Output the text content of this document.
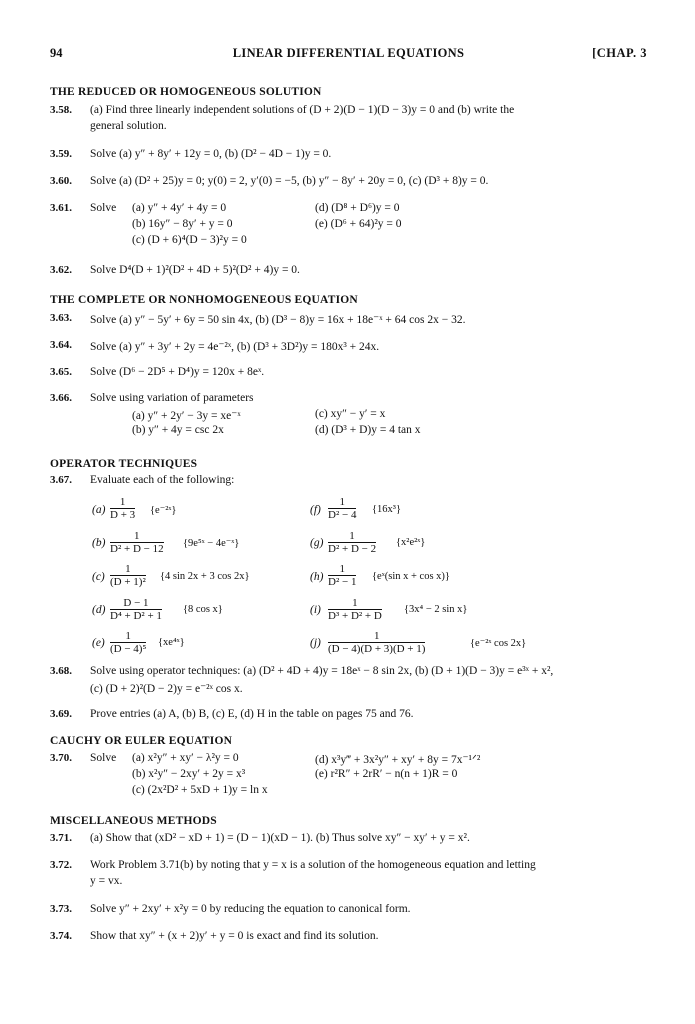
94	LINEAR DIFFERENTIAL EQUATIONS	[CHAP. 3
THE REDUCED OR HOMOGENEOUS SOLUTION
3.58. (a) Find three linearly independent solutions of (D + 2)(D − 1)(D − 3)y = 0 and (b) write the
general solution.
3.59. Solve (a) y″ + 8y′ + 12y = 0, (b) (D² − 4D − 1)y = 0.
3.60. Solve (a) (D² + 25)y = 0; y(0) = 2, y′(0) = −5, (b) y″ − 8y′ + 20y = 0, (c) (D³ + 8)y = 0.
3.61. Solve (a) y″ + 4y′ + 4y = 0
(b) 16y″ − 8y′ + y = 0
(c) (D + 6)⁴(D − 3)²y = 0
(d) (D⁸ + D⁶)y = 0
(e) (D⁶ + 64)²y = 0
3.62. Solve D⁴(D + 1)²(D² + 4D + 5)²(D² + 4)y = 0.
THE COMPLETE OR NONHOMOGENEOUS EQUATION
3.63. Solve (a) y″ − 5y′ + 6y = 50 sin 4x, (b) (D³ − 8)y = 16x + 18e⁻ˣ + 64 cos 2x − 32.
3.64. Solve (a) y″ + 3y′ + 2y = 4e⁻²ˣ, (b) (D³ + 3D²)y = 180x³ + 24x.
3.65. Solve (D⁶ − 2D⁵ + D⁴)y = 120x + 8eˣ.
3.66. Solve using variation of parameters
(a) y″ + 2y′ − 3y = xe⁻ˣ
(b) y″ + 4y = csc 2x
(c) xy″ − y′ = x
(d) (D³ + D)y = 4 tan x
OPERATOR TECHNIQUES
3.67. Evaluate each of the following:
$(a) \frac{1}{D + 3}$ {e⁻²ˣ}
$(b) \frac{1}{\text{D² + D − 12}}$ {9e⁵ˣ − 4e⁻ˣ}
$(c) \frac{1}{\text{(D + 1)²}} \{4$ sin 2x + 3 cos 2x}
$(d) \frac{D - 1}{\text{D⁴ + D² + 1}} \{8$ cos x}
$(e) \frac{1}{\text{(D − 4)⁵}}$ {xe⁴ˣ}
$(f) \frac{1}{\text{D² − 4}} \{16x^3\}$
$(g) \frac{1}{\text{D² + D − 2}}$ {x²e²ˣ}
$(h) \frac{1}{\text{D² − 1}}$ {eˣ(sin x + cos x)}
$(i) \frac{1}{\text{D³ + D² + D}} \{3x^4 - 2$ sin x}
$(j) \frac{1}{(D - 4)(D + 3)(D + 1)}$	{e⁻²ˣ cos 2x}
3.68. Solve using operator techniques: (a) (D² + 4D + 4)y = 18eˣ − 8 sin 2x, (b) (D + 1)(D − 3)y = e³ˣ + x²,
(c) (D + 2)²(D − 2)y = e⁻²ˣ cos x.
3.69. Prove entries (a) A, (b) B, (c) E, (d) H in the table on pages 75 and 76.
CAUCHY OR EULER EQUATION
3.70. Solve (a) x²y″ + xy′ − λ²y = 0
(b) x²y″ − 2xy′ + 2y = x³
(c) (2x²D² + 5xD + 1)y = ln x
(d) x³y‴ + 3x²y″ + xy′ + 8y = 7x⁻¹ᐟ²
(e) r²R″ + 2rR′ − n(n + 1)R = 0
MISCELLANEOUS METHODS
3.71. (a) Show that (xD² − xD + 1) = (D − 1)(xD − 1). (b) Thus solve xy″ − xy′ + y = x².
3.72. Work Problem 3.71(b) by noting that y = x is a solution of the homogeneous equation and letting
y = vx.
3.73. Solve y″ + 2xy′ + x²y = 0 by reducing the equation to canonical form.
3.74. Show that xy″ + (x + 2)y′ + y = 0 is exact and find its solution.
